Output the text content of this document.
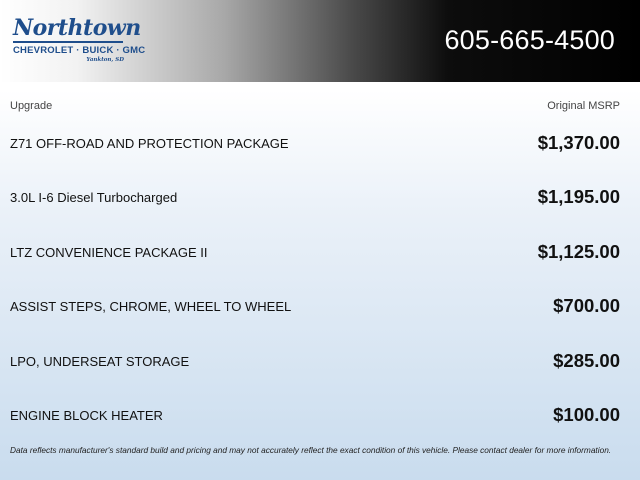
Northtown
CHEVROLET · BUICK · GMC
Yankton, SD
605-665-4500
Upgrade	Original MSRP
Z71 OFF-ROAD AND PROTECTION PACKAGE	$1,370.00
3.0L I-6 Diesel Turbocharged	$1,195.00
LTZ CONVENIENCE PACKAGE II	$1,125.00
ASSIST STEPS, CHROME, WHEEL TO WHEEL	$700.00
LPO, UNDERSEAT STORAGE	$285.00
ENGINE BLOCK HEATER	$100.00
Data reflects manufacturer's standard build and pricing and may not accurately reflect the exact condition of this vehicle. Please contact dealer for more information.
